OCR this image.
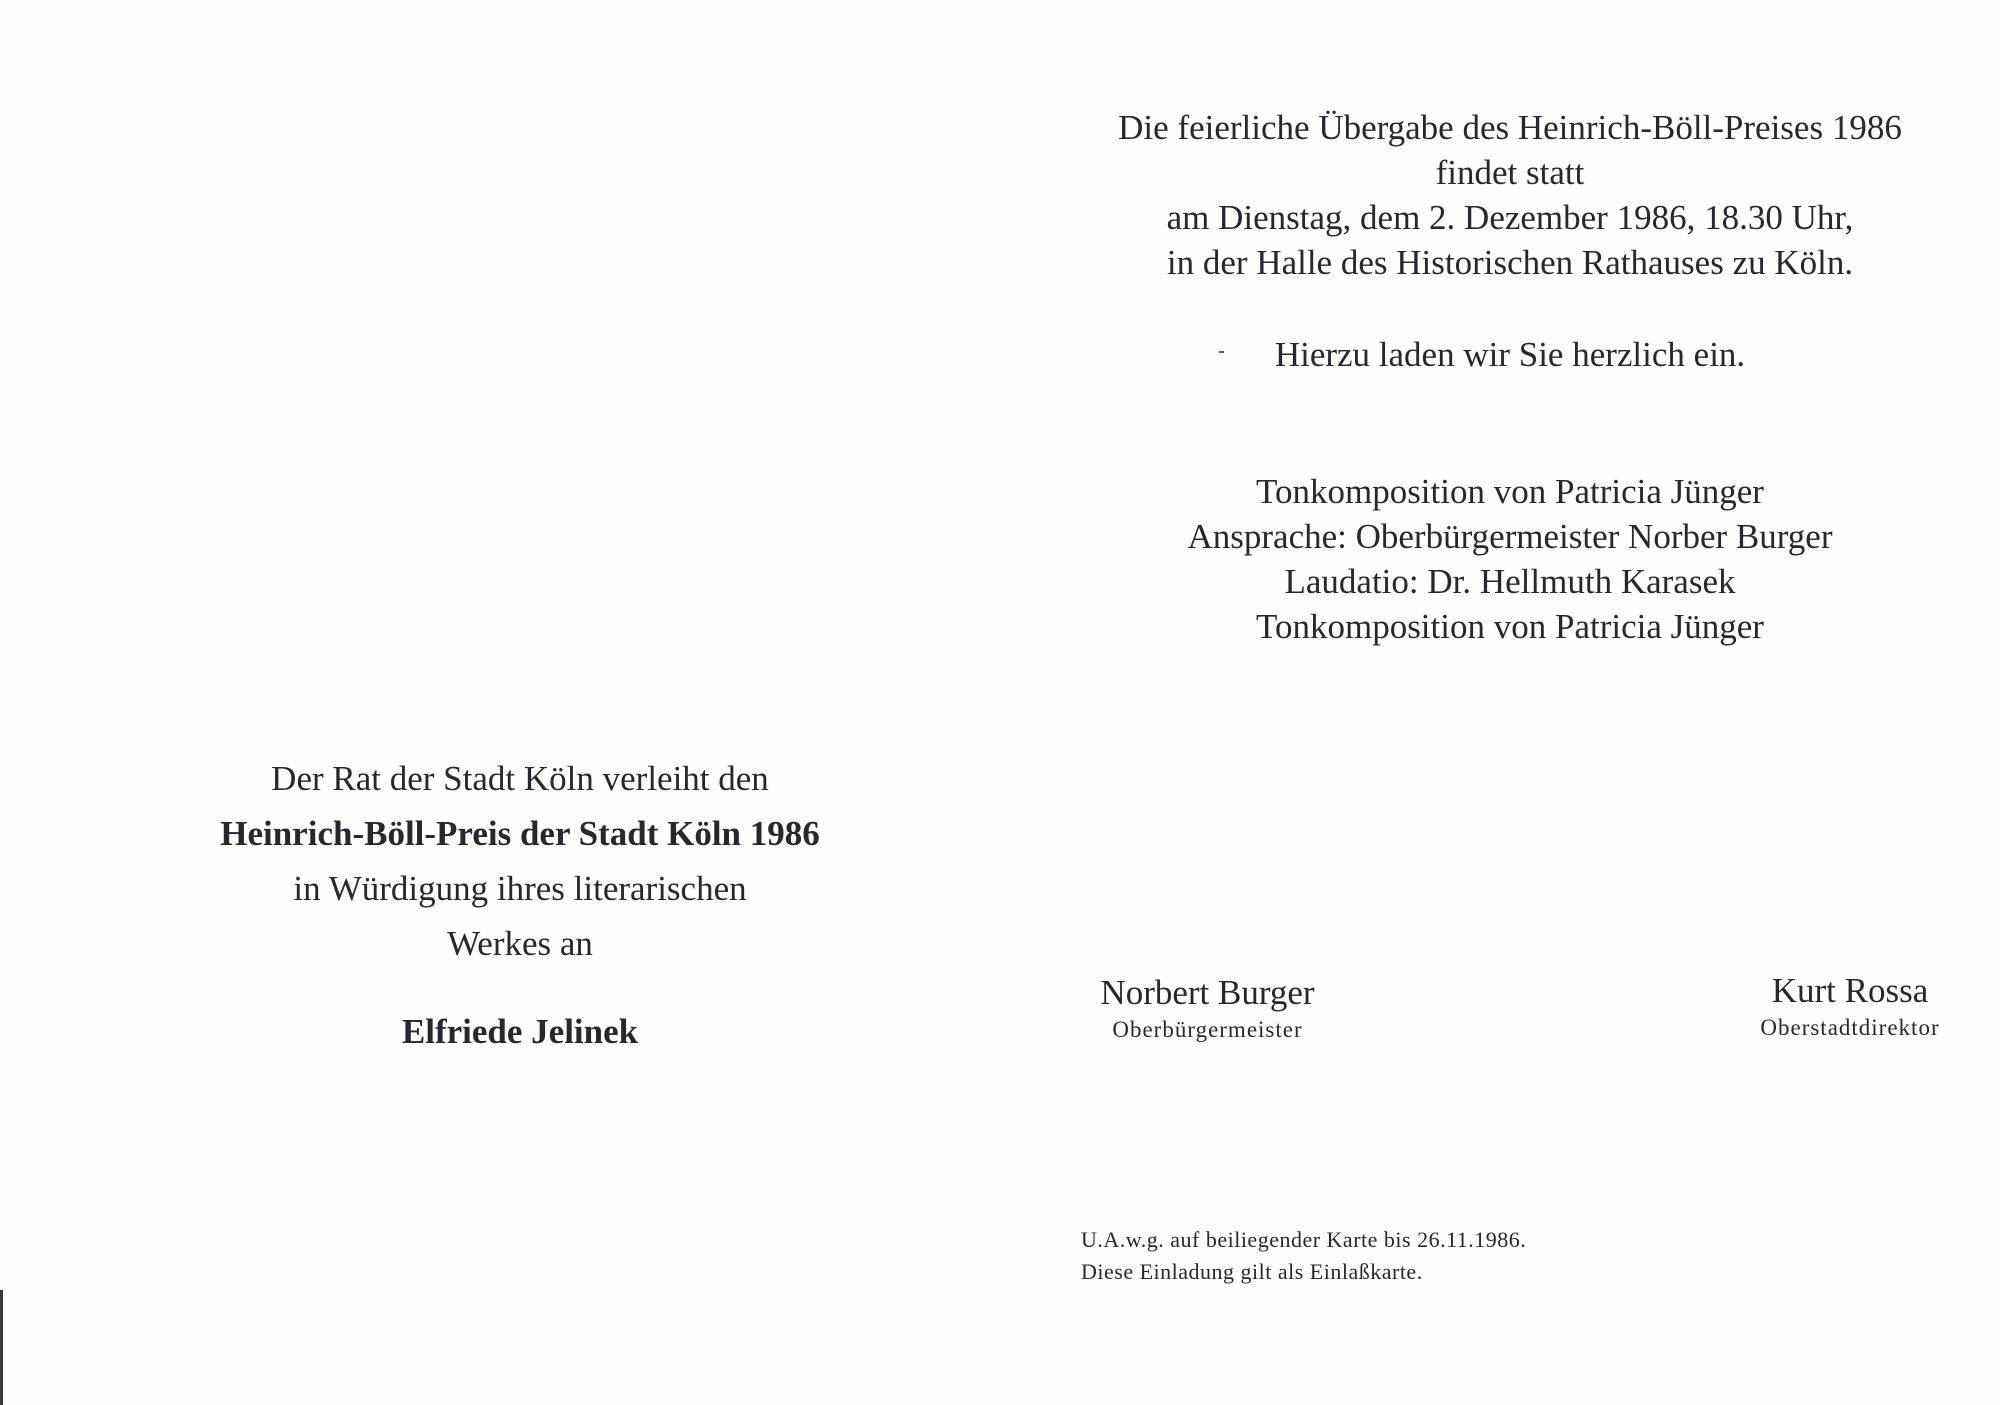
Die feierliche Übergabe des Heinrich-Böll-Preises 1986
findet statt
am Dienstag, dem 2. Dezember 1986, 18.30 Uhr,
in der Halle des Historischen Rathauses zu Köln.
Hierzu laden wir Sie herzlich ein.
Tonkomposition von Patricia Jünger
Ansprache: Oberbürgermeister Norber Burger
Laudatio: Dr. Hellmuth Karasek
Tonkomposition von Patricia Jünger
Der Rat der Stadt Köln verleiht den
Heinrich-Böll-Preis der Stadt Köln 1986
in Würdigung ihres literarischen
Werkes an
Elfriede Jelinek
Norbert Burger
Oberbürgermeister
Kurt Rossa
Oberstadtdirektor
U.A.w.g. auf beiliegender Karte bis 26.11.1986.
Diese Einladung gilt als Einlaßkarte.
